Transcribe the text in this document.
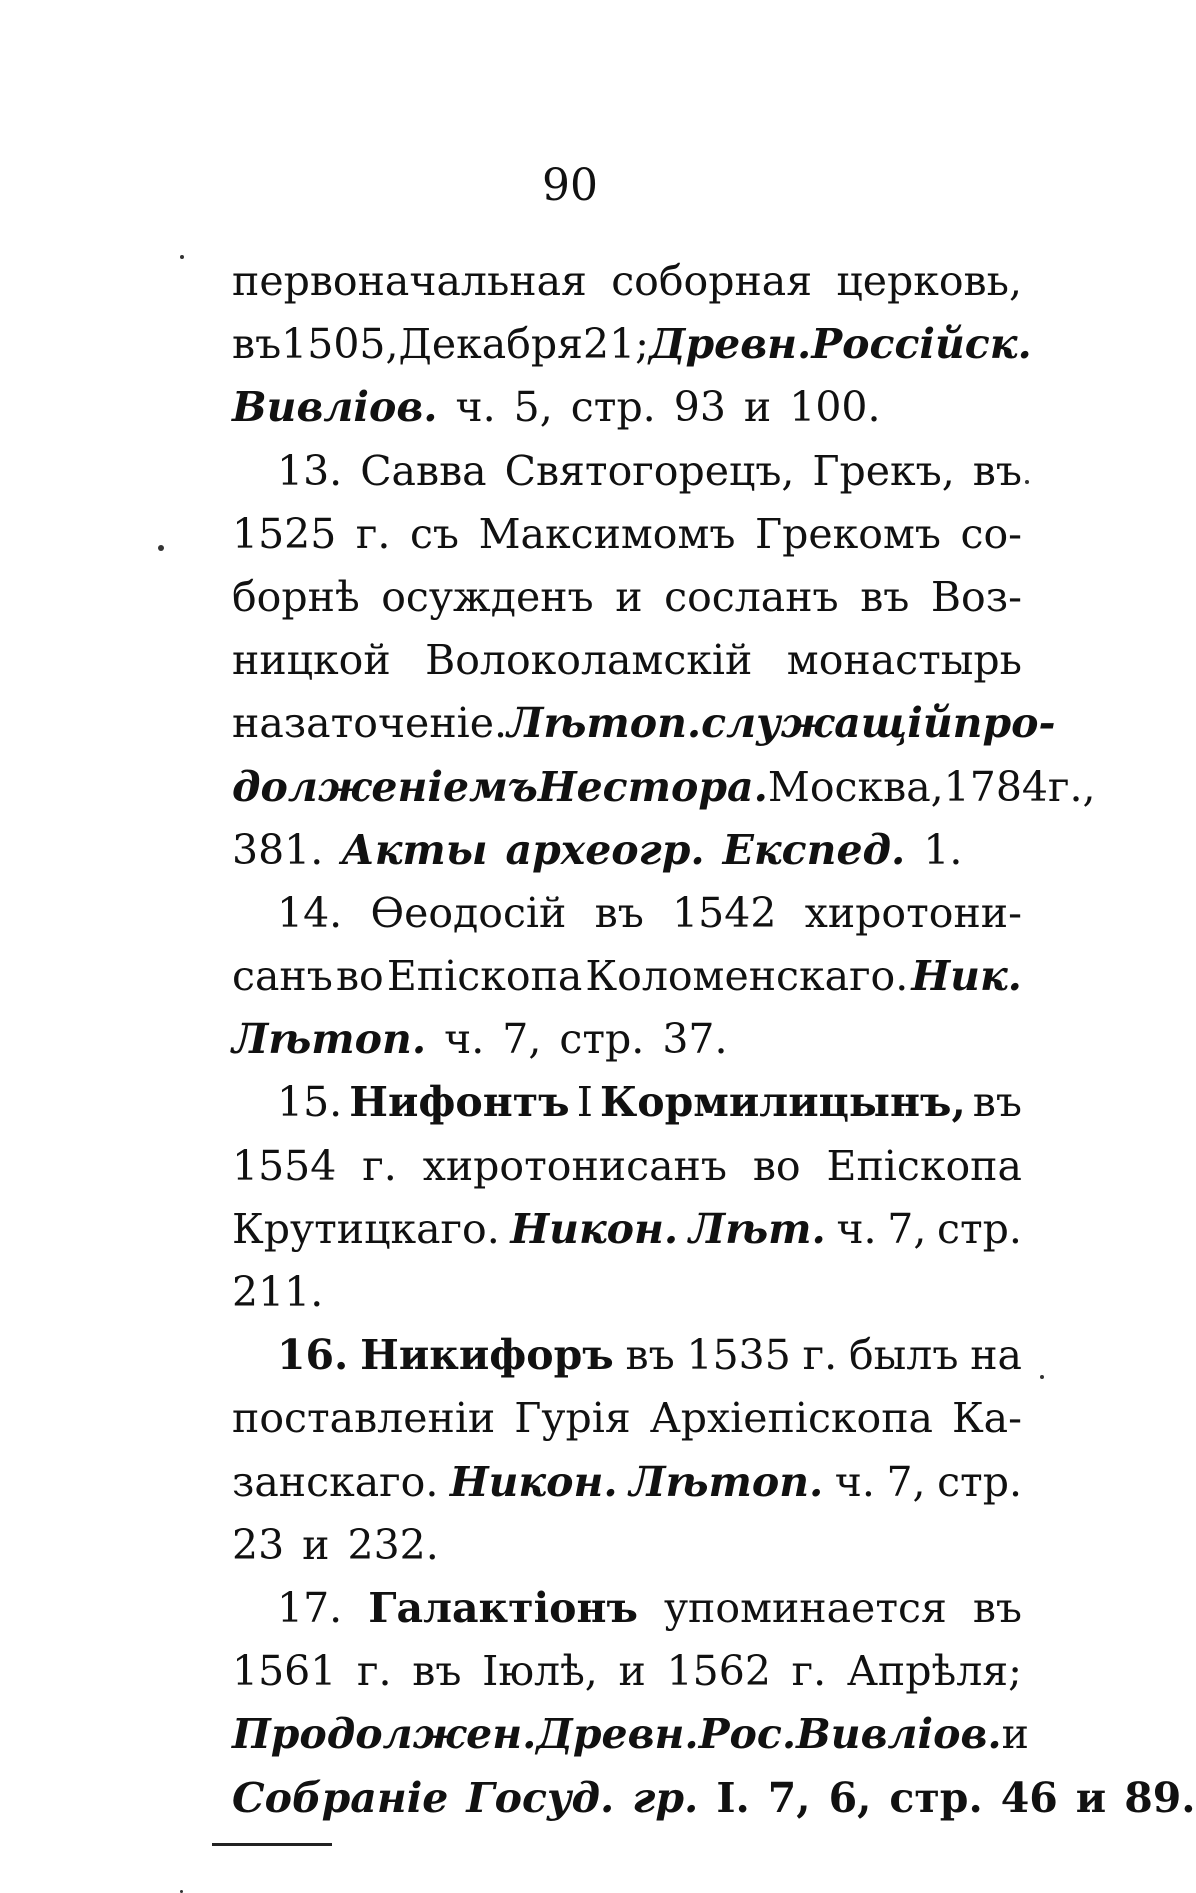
90
первоначальная соборная церковь,
въ 1505, Декабря 21; Древн. Россійск.
Вивліов. ч. 5, стр. 93 и 100.
13. Савва Святогорецъ, Грекъ, въ
1525 г. съ Максимомъ Грекомъ со-
борнѣ осужденъ и сосланъ въ Воз-
ницкой Волоколамскій монастырь
на заточеніе. Лѣтоп. служащій про-
долженіемъ Нестора. Москва, 1784 г.,
381. Акты археогр. Експед. 1.
14. Ѳеодосій въ 1542 хиротони-
санъ во Епіскопа Коломенскаго. Ник.
Лѣтоп. ч. 7, стр. 37.
15. Нифонтъ І Кормилицынъ, въ
1554 г. хиротонисанъ во Епіскопа
Крутицкаго. Никон. Лѣт. ч. 7, стр.
211.
16. Никифоръ въ 1535 г. былъ на
поставленіи Гурія Архіепіскопа Ка-
занскаго. Никон. Лѣтоп. ч. 7, стр.
23 и 232.
17. Галактіонъ упоминается въ
1561 г. въ Іюлѣ, и 1562 г. Апрѣля;
Продолжен. Древн. Рос. Вивліов. и
Собраніе Госуд. гр. І. 7, 6, стр. 46 и 89.
